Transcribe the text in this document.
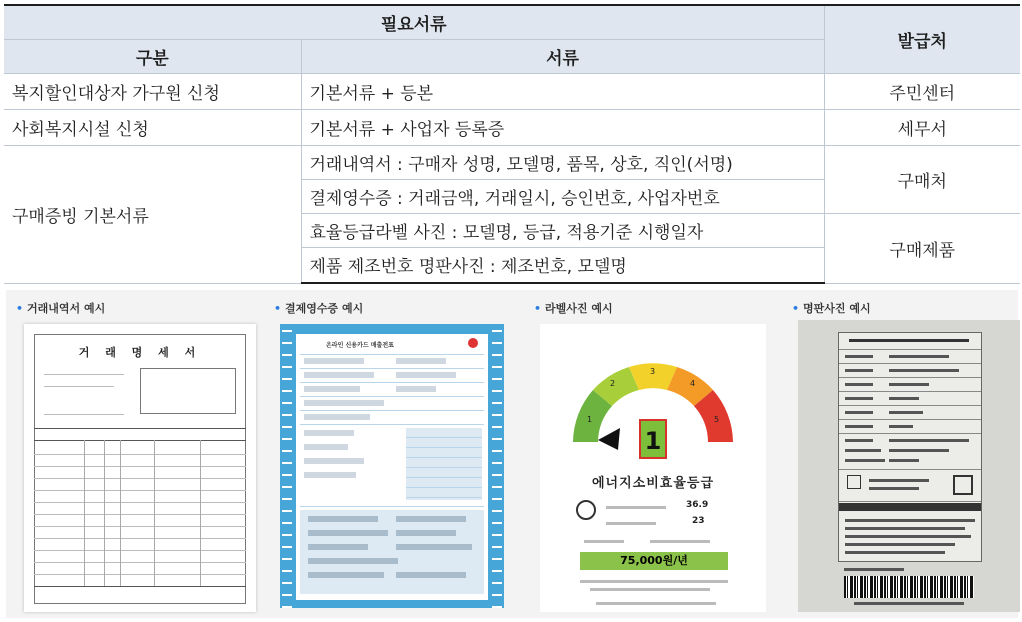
필요서류		발급처
구분	서류	
복지할인대상자 가구원 신청	기본서류 + 등본	주민센터
사회복지시설 신청	기본서류 + 사업자 등록증	세무서
구매증빙 기본서류	거래내역서 : 구매자 성명, 모델명, 품목, 상호, 직인(서명)	구매처
	결제영수증 : 거래금액, 거래일시, 승인번호, 사업자번호	
	효율등급라벨 사진 : 모델명, 등급, 적용기준 시행일자	구매제품
	제품 제조번호 명판사진 : 제조번호, 모델명	
• 거래내역서 예시
거 래 명 세 서
• 결제영수증 예시
온라인 신용카드 매출전표
• 라벨사진 예시
1
2
3
4
5
1
에너지소비효율등급
36.9
23
75,000원/년
• 명판사진 예시
